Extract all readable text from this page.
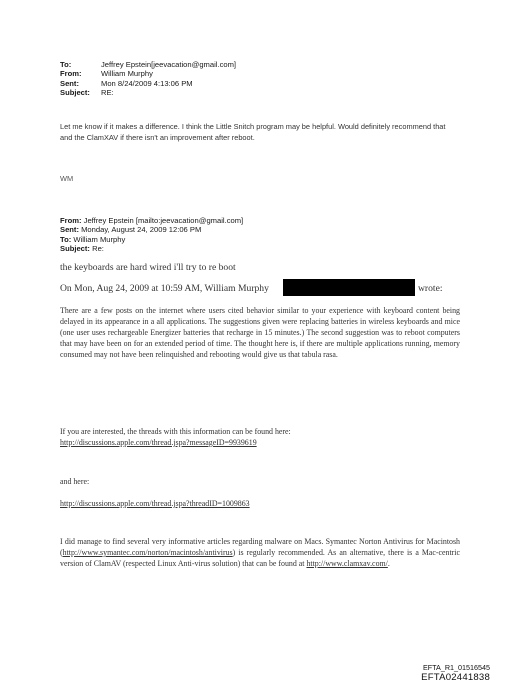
To:	Jeffrey Epstein[jeevacation@gmail.com]
From:	William Murphy
Sent:	Mon 8/24/2009 4:13:06 PM
Subject:	RE:
Let me know if it makes a difference. I think the Little Snitch program may be helpful. Would definitely recommend that and the ClamXAV if there isn't an improvement after reboot.
WM
From: Jeffrey Epstein [mailto:jeevacation@gmail.com]
Sent: Monday, August 24, 2009 12:06 PM
To: William Murphy
Subject: Re:
the keyboards are hard wired i'll try to re boot
On Mon, Aug 24, 2009 at 10:59 AM, William Murphy	wrote:
There are a few posts on the internet where users cited behavior similar to your experience with keyboard content being delayed in its appearance in a all applications. The suggestions given were replacing batteries in wireless keyboards and mice (one user uses rechargeable Energizer batteries that recharge in 15 minutes.) The second suggestion was to reboot computers that may have been on for an extended period of time. The thought here is, if there are multiple applications running, memory consumed may not have been relinquished and rebooting would give us that tabula rasa.
If you are interested, the threads with this information can be found here:
http://discussions.apple.com/thread.jspa?messageID=9939619
and here:
http://discussions.apple.com/thread.jspa?threadID=1009863
I did manage to find several very informative articles regarding malware on Macs. Symantec Norton Antivirus for Macintosh (http://www.symantec.com/norton/macintosh/antivirus) is regularly recommended. As an alternative, there is a Mac-centric version of ClamAV (respected Linux Anti-virus solution) that can be found at http://www.clamxav.com/.
EFTA_R1_01516545
EFTA02441838
